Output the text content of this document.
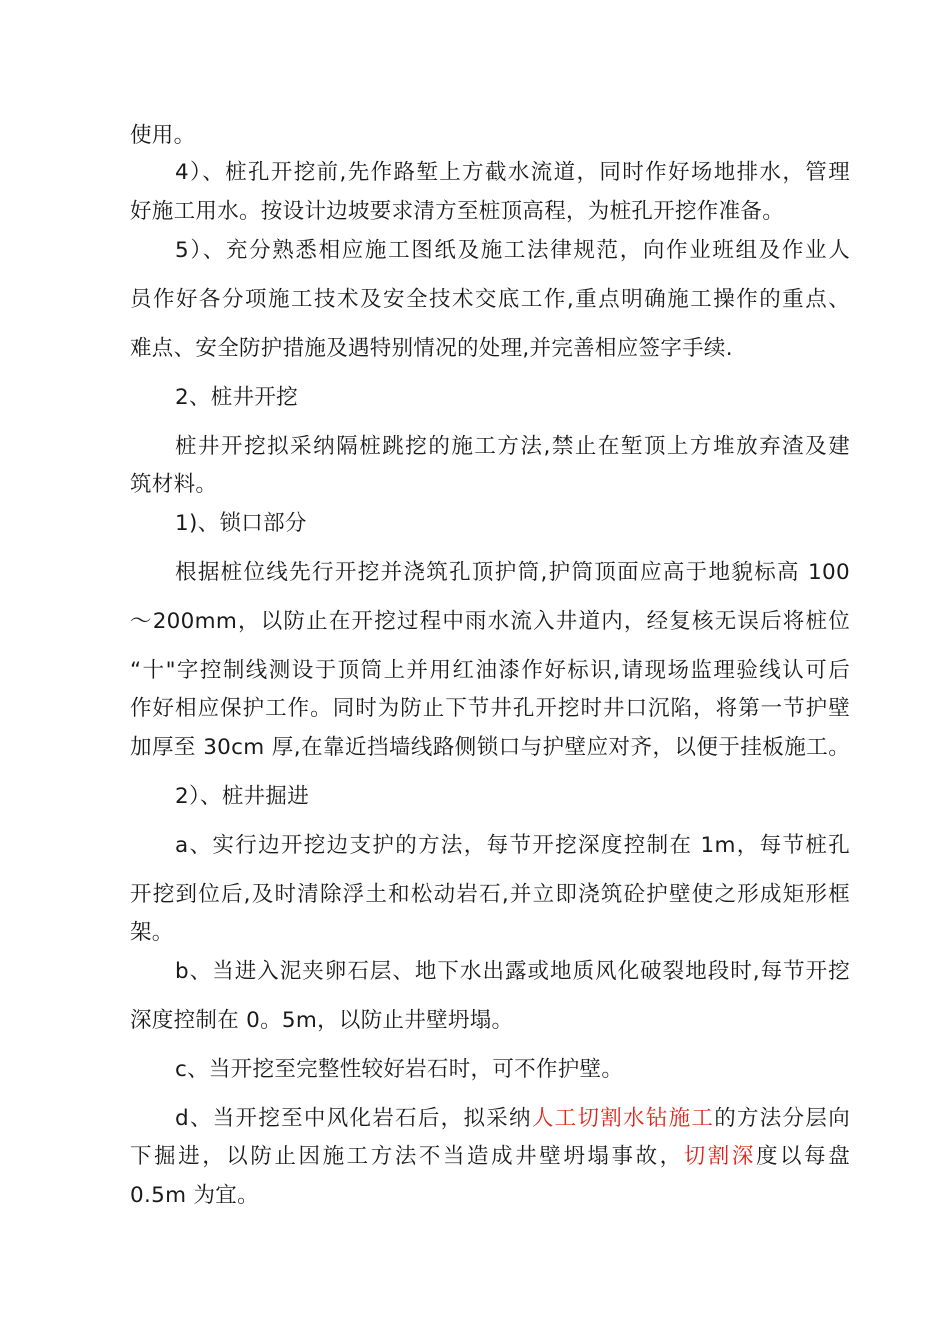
使用。
4）、桩孔开挖前,先作路堑上方截水流道，同时作好场地排水，管理
好施工用水。按设计边坡要求清方至桩顶高程，为桩孔开挖作准备。
5）、充分熟悉相应施工图纸及施工法律规范，向作业班组及作业人
员作好各分项施工技术及安全技术交底工作,重点明确施工操作的重点、
难点、安全防护措施及遇特别情况的处理,并完善相应签字手续.
2、桩井开挖
桩井开挖拟采纳隔桩跳挖的施工方法,禁止在堑顶上方堆放弃渣及建
筑材料。
1)、锁口部分
根据桩位线先行开挖并浇筑孔顶护筒,护筒顶面应高于地貌标高 100
～200mm，以防止在开挖过程中雨水流入井道内，经复核无误后将桩位
“十"字控制线测设于顶筒上并用红油漆作好标识,请现场监理验线认可后
作好相应保护工作。同时为防止下节井孔开挖时井口沉陷，将第一节护壁
加厚至 30cm 厚,在靠近挡墙线路侧锁口与护壁应对齐，以便于挂板施工。
2）、桩井掘进
a、实行边开挖边支护的方法，每节开挖深度控制在 1m，每节桩孔
开挖到位后,及时清除浮土和松动岩石,并立即浇筑砼护壁使之形成矩形框
架。
b、当进入泥夹卵石层、地下水出露或地质风化破裂地段时,每节开挖
深度控制在 0。5m，以防止井壁坍塌。
c、当开挖至完整性较好岩石时，可不作护壁。
d、当开挖至中风化岩石后，拟采纳人工切割水钻施工的方法分层向
下掘进，以防止因施工方法不当造成井壁坍塌事故，切割深度以每盘
0.5m 为宜。
